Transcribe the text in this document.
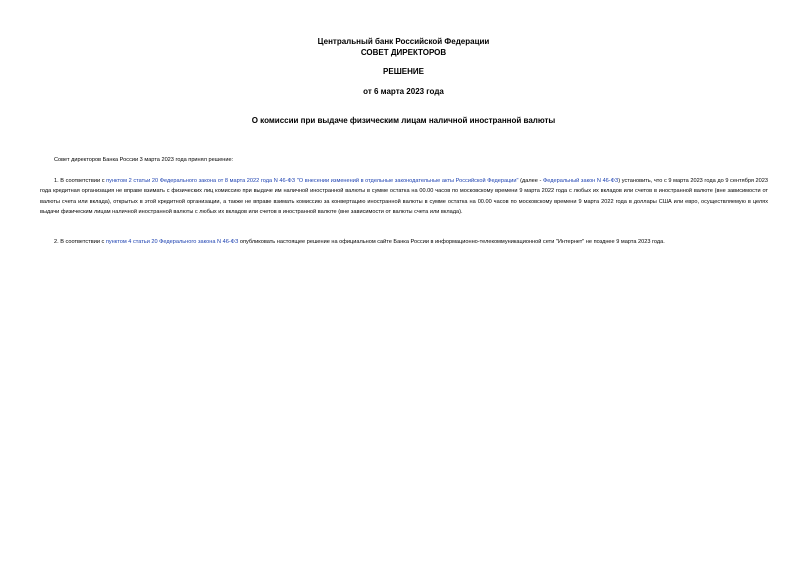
Центральный банк Российской Федерации
СОВЕТ ДИРЕКТОРОВ
РЕШЕНИЕ
от 6 марта 2023 года
О комиссии при выдаче физическим лицам наличной иностранной валюты
Совет директоров Банка России 3 марта 2023 года принял решение:
1. В соответствии с пунктом 2 статьи 20 Федерального закона от 8 марта 2022 года N 46-ФЗ "О внесении изменений в отдельные законодательные акты Российской Федерации" (далее - Федеральный закон N 46-ФЗ) установить, что с 9 марта 2023 года до 9 сентября 2023 года кредитная организация не вправе взимать с физических лиц комиссию при выдаче им наличной иностранной валюты в сумме остатка на 00.00 часов по московскому времени 9 марта 2022 года с любых их вкладов или счетов в иностранной валюте (вне зависимости от валюты счета или вклада), открытых в этой кредитной организации, а также не вправе взимать комиссию за конвертацию иностранной валюты в сумме остатка на 00.00 часов по московскому времени 9 марта 2022 года в доллары США или евро, осуществляемую в целях выдачи физическим лицам наличной иностранной валюты с любых их вкладов или счетов в иностранной валюте (вне зависимости от валюты счета или вклада).
2. В соответствии с пунктом 4 статьи 20 Федерального закона N 46-ФЗ опубликовать настоящее решение на официальном сайте Банка России в информационно-телекоммуникационной сети "Интернет" не позднее 9 марта 2023 года.
